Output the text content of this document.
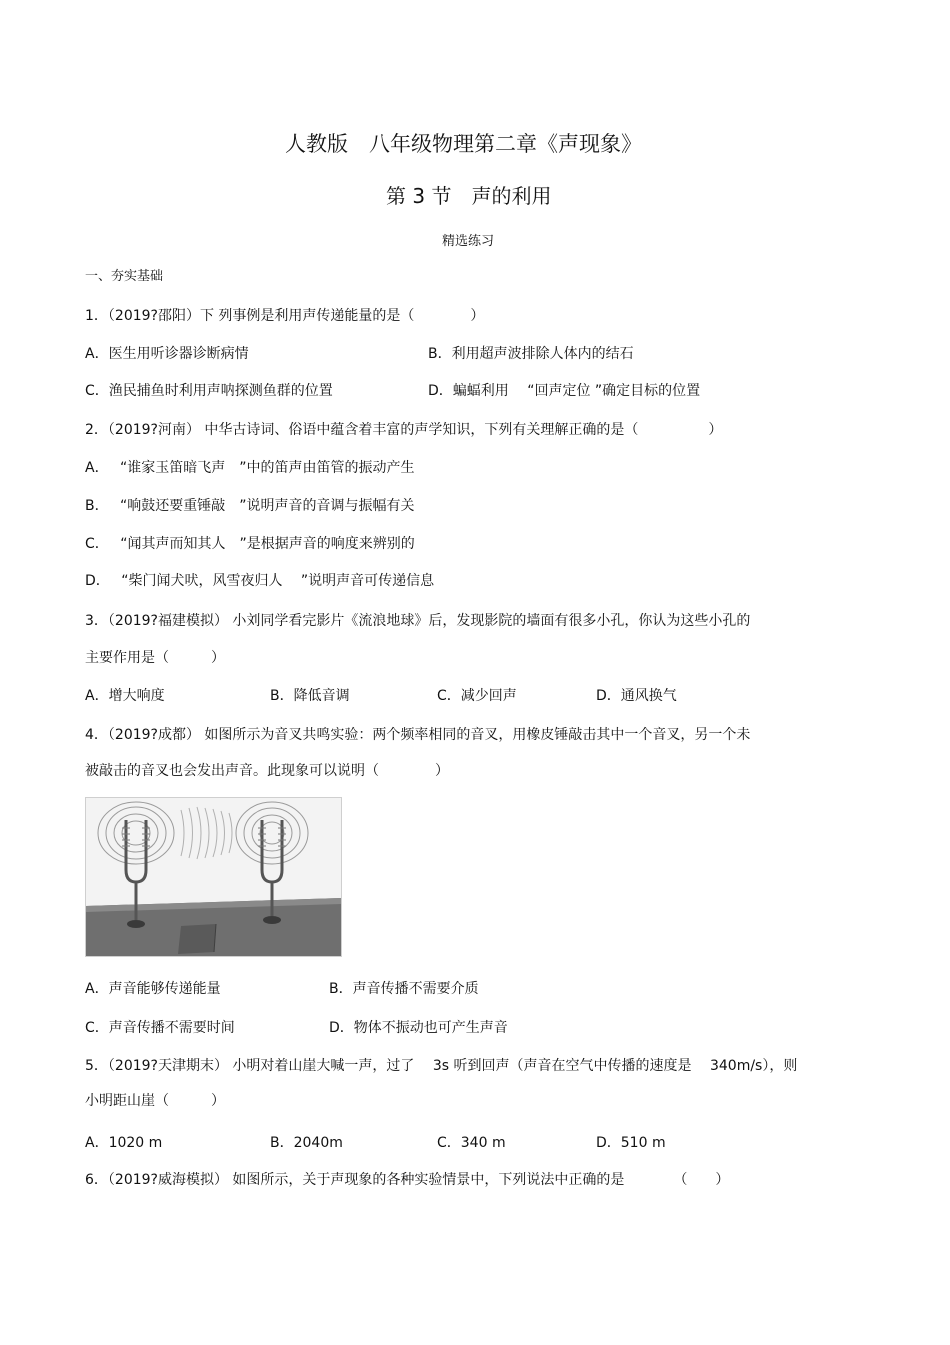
人教版　八年级物理第二章《声现象》
第 3 节　声的利用
精选练习
一、夯实基础
1．（2019?邵阳）下 列事例是利用声传递能量的是（　　　　）
A．医生用听诊器诊断病情	B．利用超声波排除人体内的结石
C．渔民捕鱼时利用声呐探测鱼群的位置	D．蝙蝠利用　 “回声定位 ”确定目标的位置
2．（2019?河南） 中华古诗词、俗语中蕴含着丰富的声学知识，下列有关理解正确的是（　　　　　）
A．　 “谁家玉笛暗飞声　”中的笛声由笛管的振动产生
B．　 “响鼓还要重锤敲　”说明声音的音调与振幅有关
C．　 “闻其声而知其人　”是根据声音的响度来辨别的
D．　 “柴门闻犬吠，风雪夜归人　 ”说明声音可传递信息
3．（2019?福建模拟） 小刘同学看完影片《流浪地球》后，发现影院的墙面有很多小孔，你认为这些小孔的
主要作用是（　　　）
A．增大响度	B．降低音调	C．减少回声	D．通风换气
4．（2019?成都） 如图所示为音叉共鸣实验：两个频率相同的音叉，用橡皮锤敲击其中一个音叉，另一个未
被敲击的音叉也会发出声音。此现象可以说明（　　　　）
A．声音能够传递能量	B．声音传播不需要介质
C．声音传播不需要时间	D．物体不振动也可产生声音
5．（2019?天津期末） 小明对着山崖大喊一声，过了　 3s 听到回声（声音在空气中传播的速度是　 340m/s），则
小明距山崖（　　　）
A．1020 m	B．2040m	C．340 m	D．510 m
6．（2019?威海模拟） 如图所示，关于声现象的各种实验情景中，下列说法中正确的是　　　　（　　）
